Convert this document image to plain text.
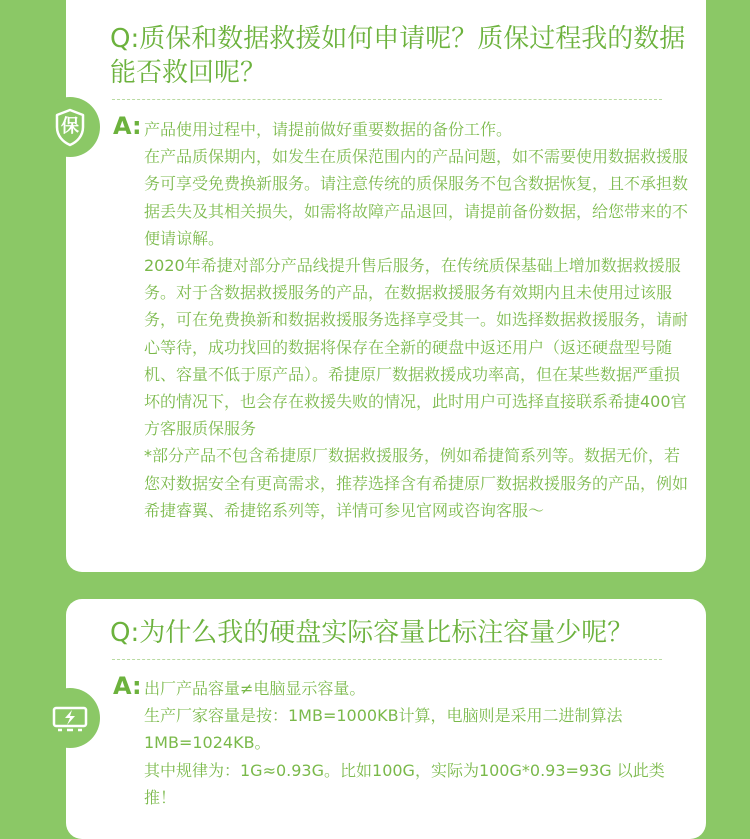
Q:质保和数据救援如何申请呢？质保过程我的数据能否救回呢？
A: 产品使用过程中，请提前做好重要数据的备份工作。

在产品质保期内，如发生在质保范围内的产品问题，如不需要使用数据救援服务可享受免费换新服务。请注意传统的质保服务不包含数据恢复，且不承担数据丢失及其相关损失，如需将故障产品退回，请提前备份数据，给您带来的不便请谅解。

2020年希捷对部分产品线提升售后服务，在传统质保基础上增加数据救援服务。对于含数据救援服务的产品，在数据救援服务有效期内且未使用过该服务，可在免费换新和数据救援服务选择享受其一。如选择数据救援服务，请耐心等待，成功找回的数据将保存在全新的硬盘中返还用户（返还硬盘型号随机、容量不低于原产品）。希捷原厂数据救援成功率高，但在某些数据严重损坏的情况下，也会存在救援失败的情况，此时用户可选择直接联系希捷400官方客服质保服务

*部分产品不包含希捷原厂数据救援服务，例如希捷简系列等。数据无价，若您对数据安全有更高需求，推荐选择含有希捷原厂数据救援服务的产品，例如希捷睿翼、希捷铭系列等，详情可参见官网或咨询客服～

Q:为什么我的硬盘实际容量比标注容量少呢？
A: 出厂产品容量≠电脑显示容量。

生产厂家容量是按：1MB=1000KB计算，电脑则是采用二进制算法1MB=1024KB。

其中规律为：1G≈0.93G。比如100G，实际为100G*0.93=93G 以此类推！

保
